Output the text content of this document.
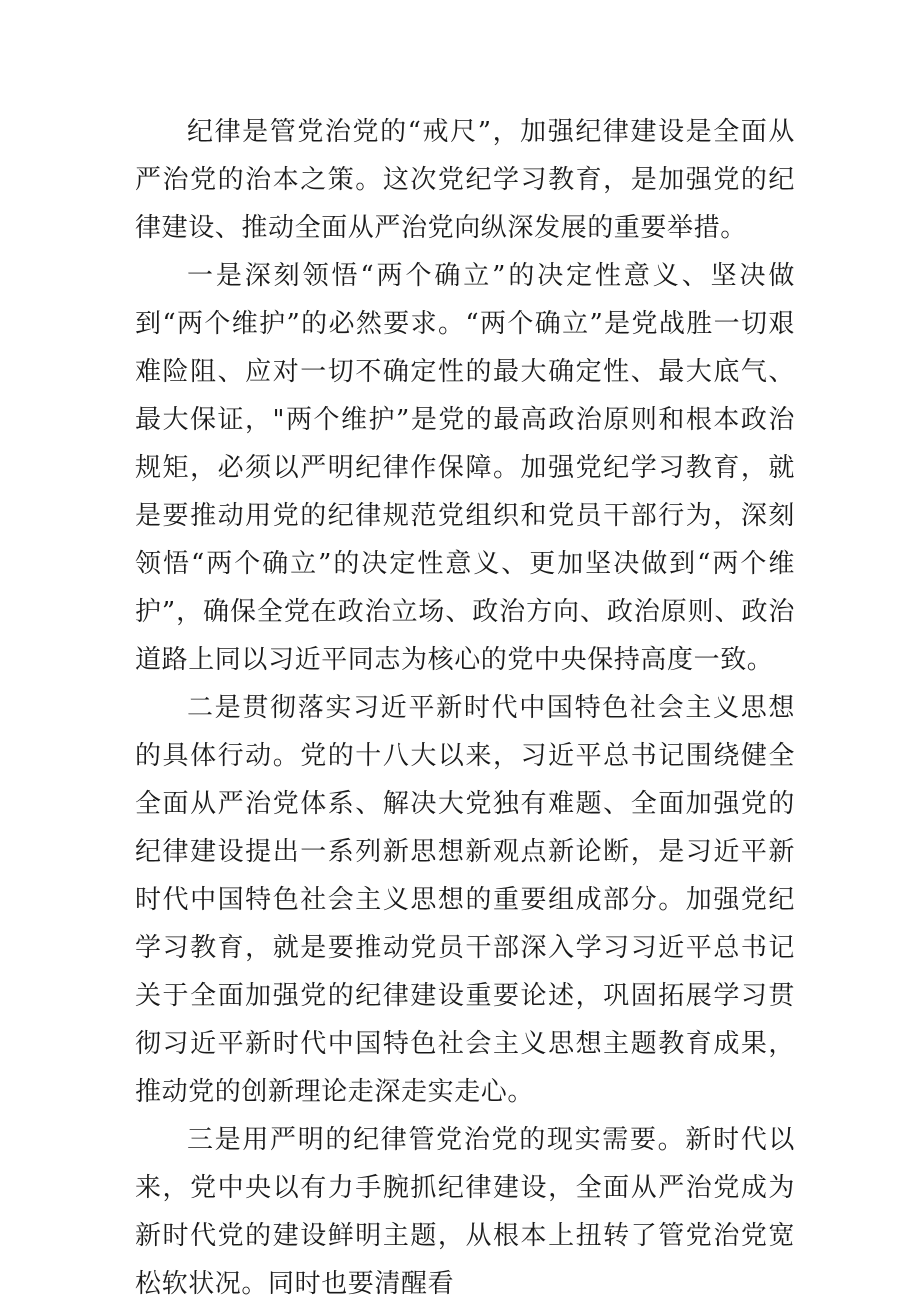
纪律是管党治党的“戒尺”，加强纪律建设是全面从严治党的治本之策。这次党纪学习教育，是加强党的纪律建设、推动全面从严治党向纵深发展的重要举措。

一是深刻领悟“两个确立”的决定性意义、坚决做到“两个维护”的必然要求。“两个确立”是党战胜一切艰难险阻、应对一切不确定性的最大确定性、最大底气、最大保证，"两个维护”是党的最高政治原则和根本政治规矩，必须以严明纪律作保障。加强党纪学习教育，就是要推动用党的纪律规范党组织和党员干部行为，深刻领悟“两个确立”的决定性意义、更加坚决做到“两个维护”，确保全党在政治立场、政治方向、政治原则、政治道路上同以习近平同志为核心的党中央保持高度一致。

二是贯彻落实习近平新时代中国特色社会主义思想的具体行动。党的十八大以来，习近平总书记围绕健全全面从严治党体系、解决大党独有难题、全面加强党的纪律建设提出一系列新思想新观点新论断，是习近平新时代中国特色社会主义思想的重要组成部分。加强党纪学习教育，就是要推动党员干部深入学习习近平总书记关于全面加强党的纪律建设重要论述，巩固拓展学习贯彻习近平新时代中国特色社会主义思想主题教育成果，推动党的创新理论走深走实走心。

三是用严明的纪律管党治党的现实需要。新时代以来，党中央以有力手腕抓纪律建设，全面从严治党成为新时代党的建设鲜明主题，从根本上扭转了管党治党宽松软状况。同时也要清醒看
